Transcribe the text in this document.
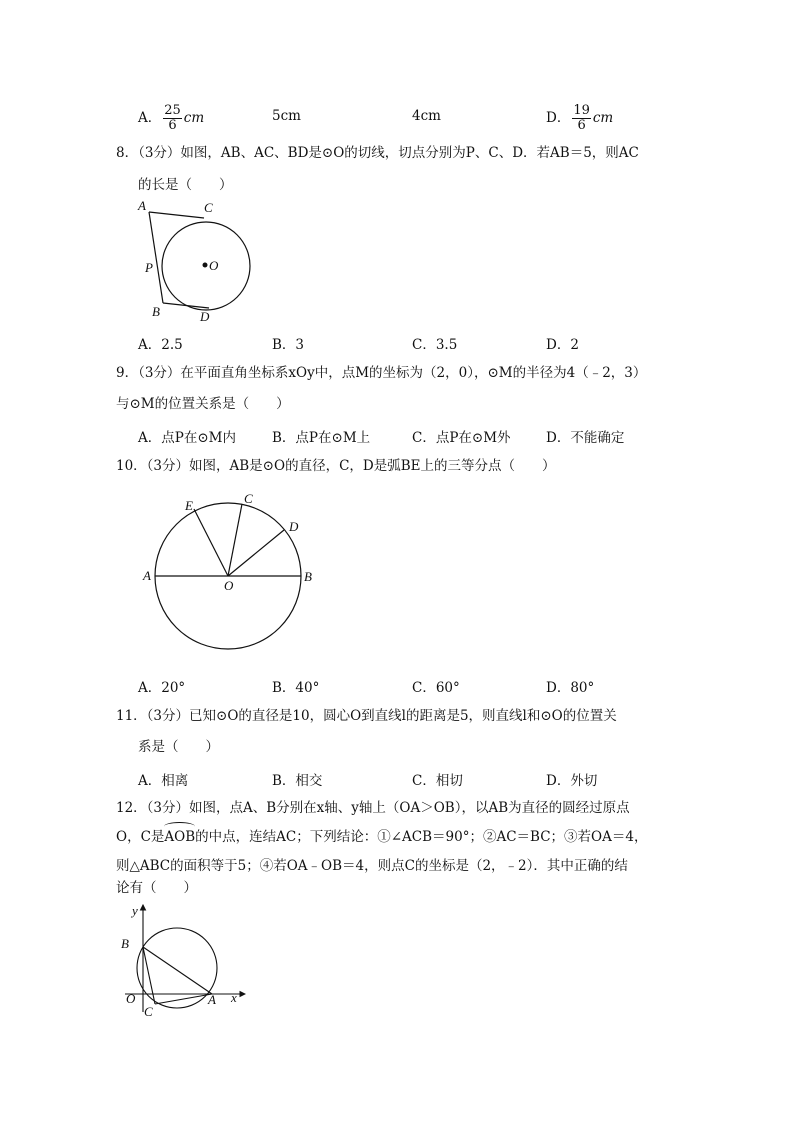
A． $\frac{25}{6}$ cm	5cm	4cm	D． $\frac{19}{6}$ cm
8．（3分）如图，AB、AC、BD是⊙O的切线，切点分别为P、C、D．若AB＝5，则AC
的长是（　　）
A	C
O
P
B	D
A．2.5	B．3	C．3.5	D．2
9．（3分）在平面直角坐标系xOy中，点M的坐标为（2，0），⊙M的半径为4（﹣2，3）
与⊙M的位置关系是（　　）
A．点P在⊙M内	B．点P在⊙M上	C．点P在⊙M外	D．不能确定
10．（3分）如图，AB是⊙O的直径，C，D是弧BE上的三等分点（　　）
E	C
D
A
O
B
A．20°	B．40°	C．60°	D．80°
11．（3分）已知⊙O的直径是10，圆心O到直线l的距离是5，则直线l和⊙O的位置关
系是（　　）
A．相离	B．相交	C．相切	D．外切
12．（3分）如图，点A、B分别在x轴、y轴上（OA＞OB），以AB为直径的圆经过原点
O，C是AOB的中点，连结AC；下列结论：①∠ACB＝90°；②AC＝BC；③若OA＝4，
则△ABC的面积等于5；④若OA﹣OB＝4，则点C的坐标是（2，﹣2）．其中正确的结
论有（　　）
y
B
O
C
A x
